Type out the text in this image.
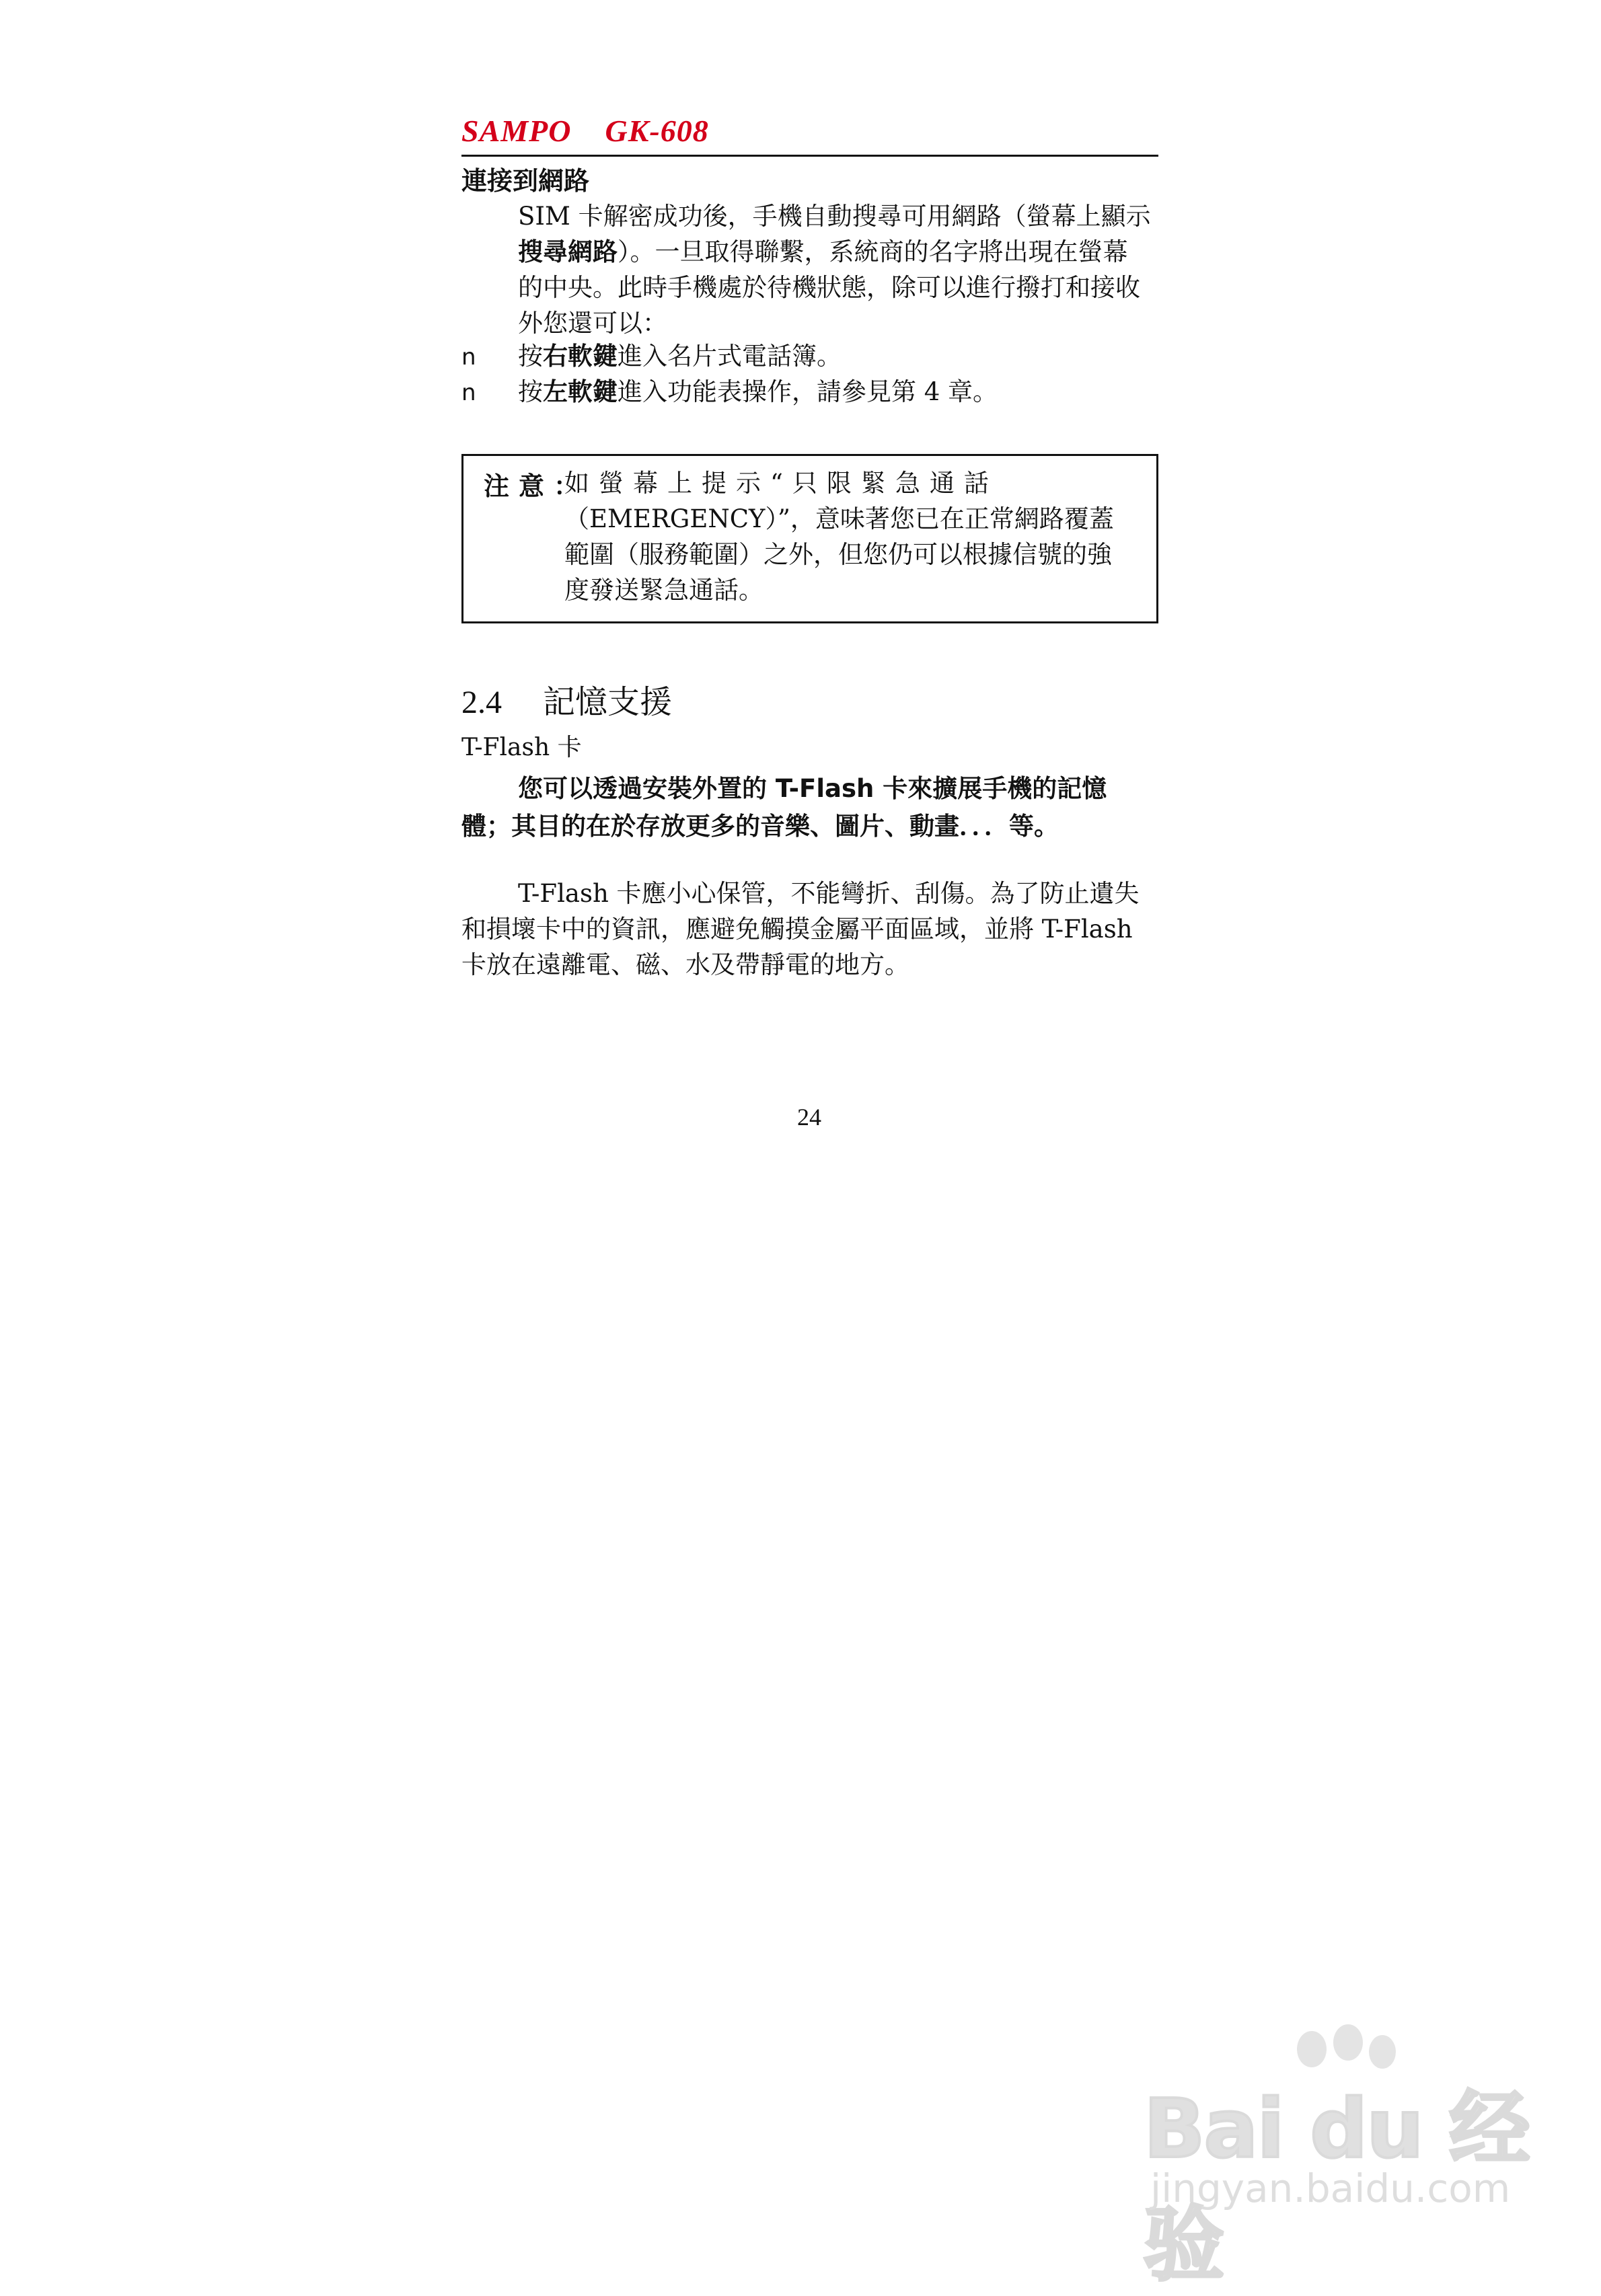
SAMPO    GK-608
連接到網路

SIM 卡解密成功後，手機自動搜尋可用網路（螢幕上顯示搜尋網路）。一旦取得聯繫，系統商的名字將出現在螢幕的中央。此時手機處於待機狀態，除可以進行撥打和接收外您還可以：

n 按右軟鍵進入名片式電話簿。
n 按左軟鍵進入功能表操作，請參見第 4 章。
注意：
如螢幕上提示“只限緊急通話
（EMERGENCY）”，意味著您已在正常網路覆蓋範圍（服務範圍）之外，但您仍可以根據信號的強度發送緊急通話。
2.4 記憶支援
T-Flash 卡
您可以透過安裝外置的 T-Flash 卡來擴展手機的記憶體；其目的在於存放更多的音樂、圖片、動畫．．．等。

T-Flash 卡應小心保管，不能彎折、刮傷。為了防止遺失和損壞卡中的資訊，應避免觸摸金屬平面區域，並將 T-Flash 卡放在遠離電、磁、水及帶靜電的地方。

24
Bai du 经验
jingyan.baidu.com
